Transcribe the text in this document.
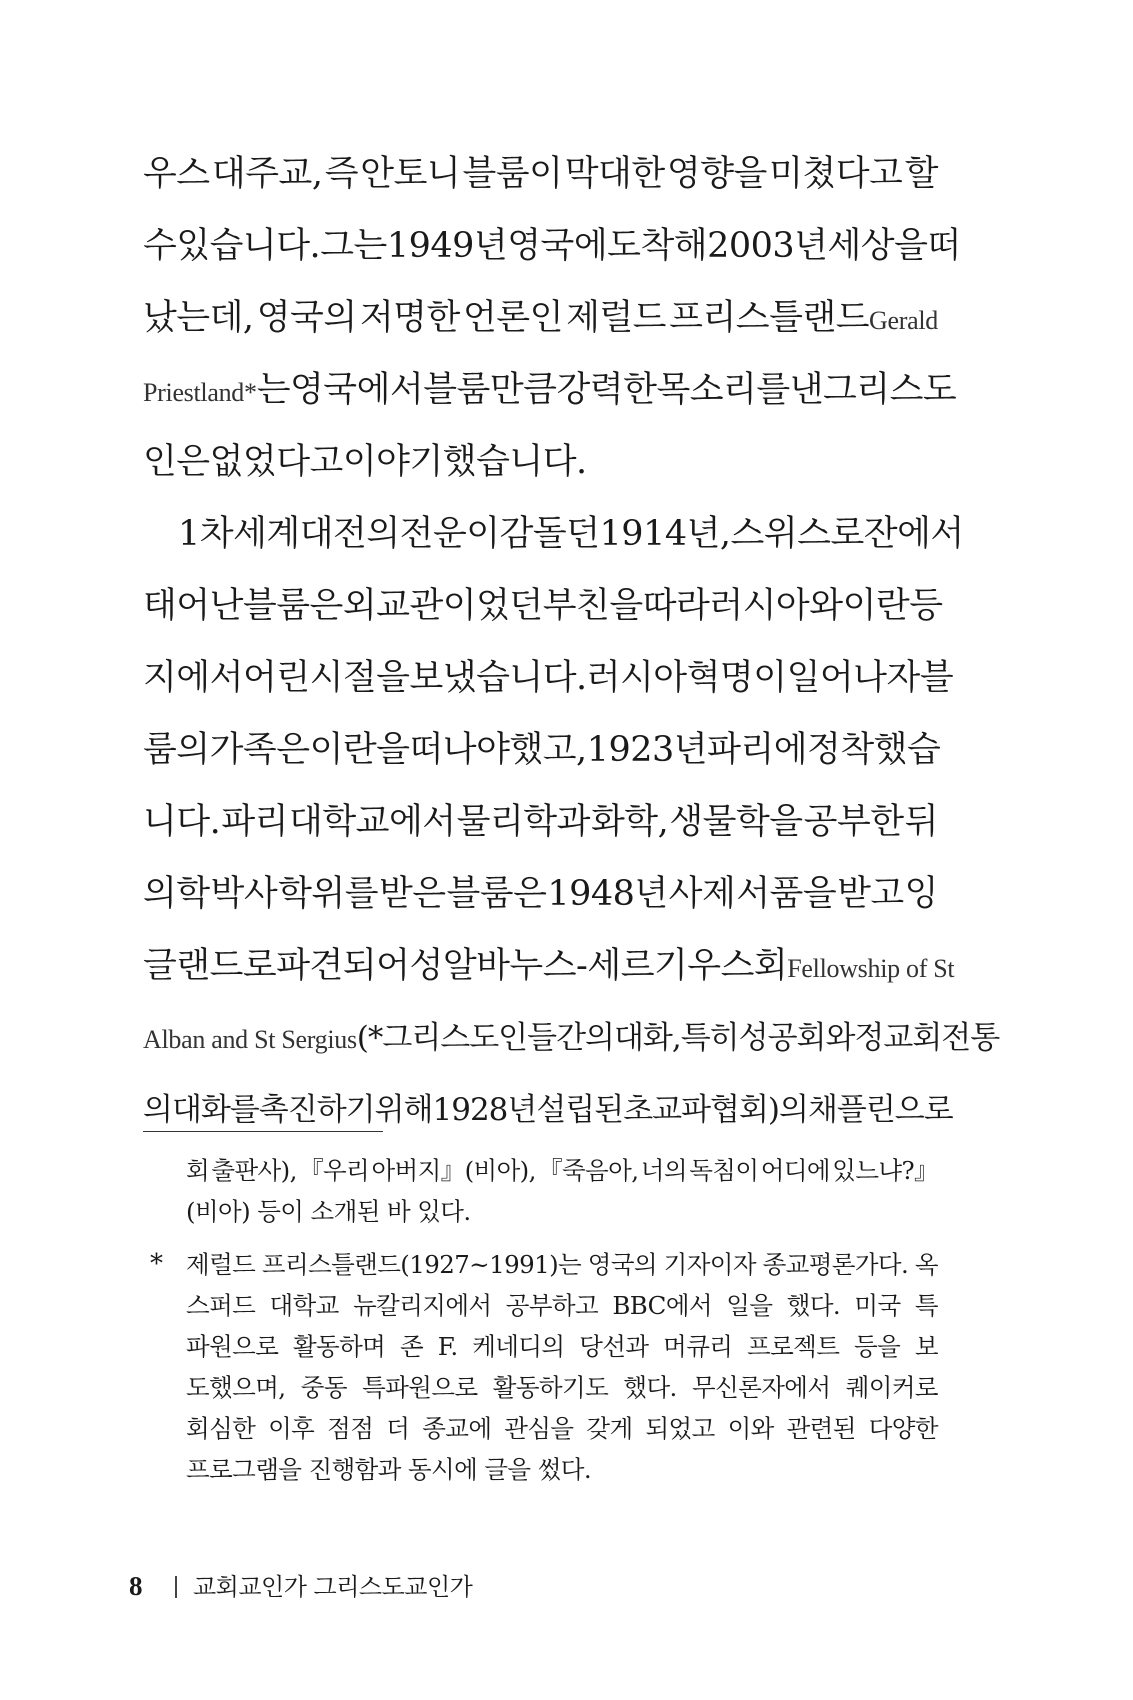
우스 대주교, 즉 안토니 블룸이 막대한 영향을 미쳤다고 할
수 있습니다. 그는 1949년 영국에 도착해 2003년 세상을 떠
났는데, 영국의 저명한 언론인 제럴드 프리스틀랜드Gerald
Priestland*는 영국에서 블룸만큼 강력한 목소리를 낸 그리스도
인은 없었다고 이야기했습니다.
1차 세계대전의 전운이 감돌던 1914년, 스위스 로잔에서
태어난 블룸은 외교관이었던 부친을 따라 러시아와 이란 등
지에서 어린 시절을 보냈습니다. 러시아 혁명이 일어나자 블
룸의 가족은 이란을 떠나야 했고, 1923년 파리에 정착했습
니다. 파리 대학교에서 물리학과 화학, 생물학을 공부한 뒤
의학 박사 학위를 받은 블룸은 1948년 사제 서품을 받고 잉
글랜드로 파견되어 성 알바누스-세르기우스회Fellowship of St
Alban and St Sergius(*그리스도인들간의 대화, 특히 성공회와 정교회 전통
의 대화를 촉진하기 위해 1928년 설립된 초교파 협회)의 채플린으로
회 출판사), 『우리 아버지』(비아), 『죽음아, 너의 독침이 어디에 있느냐?』
(비아) 등이 소개된 바 있다.
* 제럴드 프리스틀랜드(1927~1991)는 영국의 기자이자 종교평론가다. 옥
스퍼드 대학교 뉴칼리지에서 공부하고 BBC에서 일을 했다. 미국 특
파원으로 활동하며 존 F. 케네디의 당선과 머큐리 프로젝트 등을 보
도했으며, 중동 특파원으로 활동하기도 했다. 무신론자에서 퀘이커로
회심한 이후 점점 더 종교에 관심을 갖게 되었고 이와 관련된 다양한
프로그램을 진행함과 동시에 글을 썼다.
8 교회교인가 그리스도교인가
